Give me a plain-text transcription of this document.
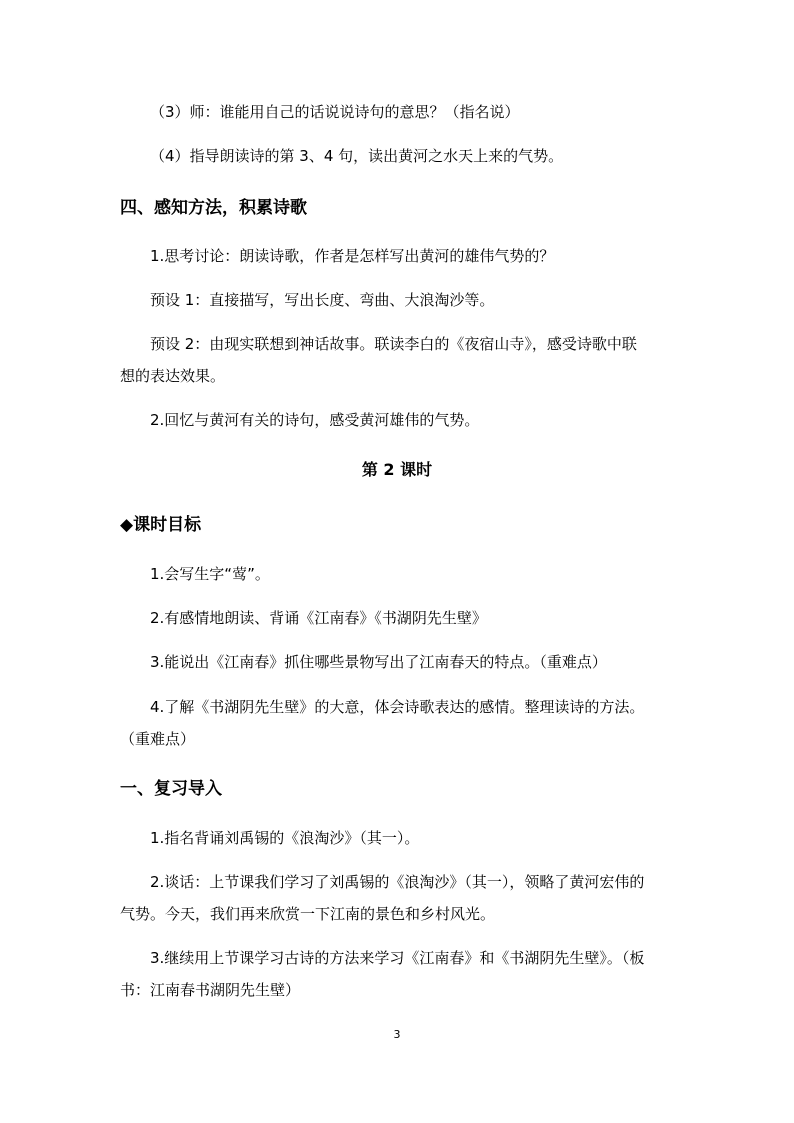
（3）师：谁能用自己的话说说诗句的意思？（指名说）
（4）指导朗读诗的第 3、4 句，读出黄河之水天上来的气势。
四、感知方法，积累诗歌
1.思考讨论：朗读诗歌，作者是怎样写出黄河的雄伟气势的？
预设 1：直接描写，写出长度、弯曲、大浪淘沙等。
预设 2：由现实联想到神话故事。联读李白的《夜宿山寺》，感受诗歌中联
想的表达效果。
2.回忆与黄河有关的诗句，感受黄河雄伟的气势。
第 2 课时
◆课时目标
1.会写生字“莺”。
2.有感情地朗读、背诵《江南春》《书湖阴先生壁》
3.能说出《江南春》抓住哪些景物写出了江南春天的特点。（重难点）
4.了解《书湖阴先生壁》的大意，体会诗歌表达的感情。整理读诗的方法。
（重难点）
一、复习导入
1.指名背诵刘禹锡的《浪淘沙》（其一）。
2.谈话：上节课我们学习了刘禹锡的《浪淘沙》（其一），领略了黄河宏伟的
气势。今天，我们再来欣赏一下江南的景色和乡村风光。
3.继续用上节课学习古诗的方法来学习《江南春》和《书湖阴先生壁》。（板
书：江南春书湖阴先生壁）
3
